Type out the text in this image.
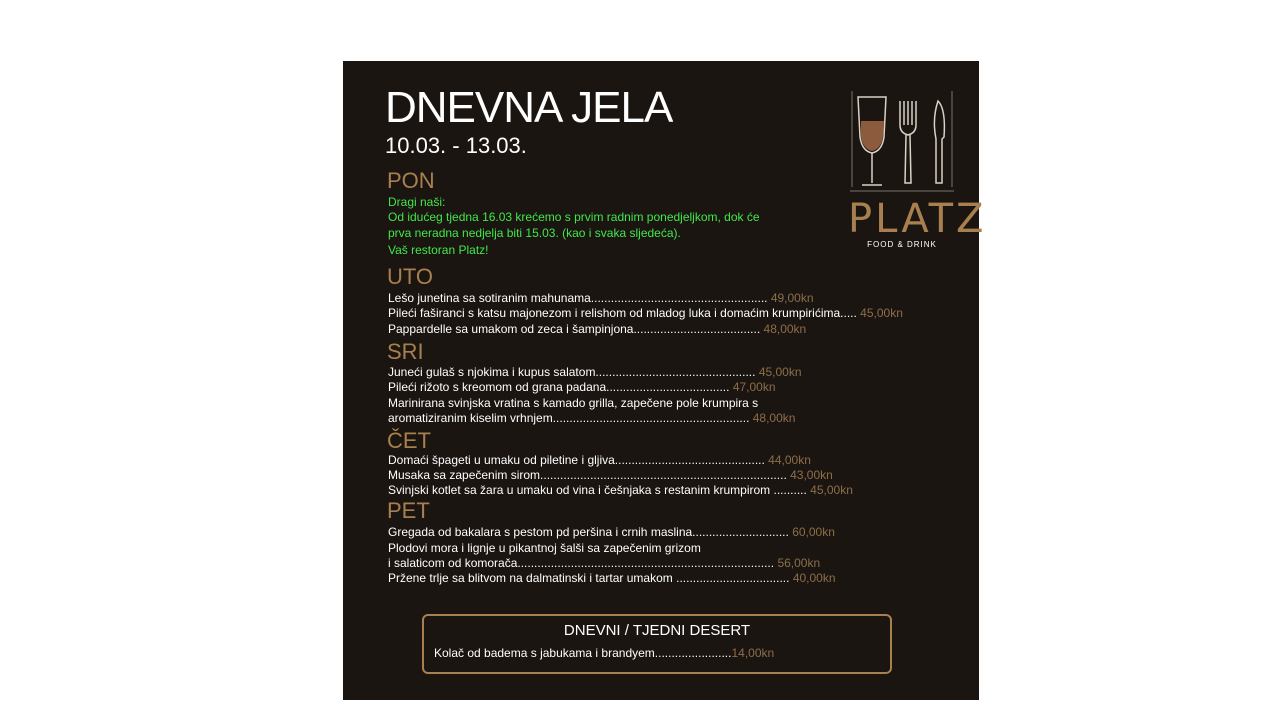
DNEVNA JELA
10.03. - 13.03.
PLATZ
FOOD & DRINK
PON
Dragi naši:
Od idućeg tjedna 16.03 krećemo s prvim radnim ponedjeljkom, dok će
prva neradna nedjelja biti 15.03. (kao i svaka sljedeća).
Vaš restoran Platz!
UTO
Lešo junetina sa sotiranim mahunama..................................................... 49,00kn
Pileći faširanci s katsu majonezom i relishom od mladog luka i domaćim krumpirićima..... 45,00kn
Pappardelle sa umakom od zeca i šampinjona...................................... 48,00kn
SRI
Juneći gulaš s njokima i kupus salatom................................................ 45,00kn
Pileći rižoto s kreomom od grana padana..................................... 47,00kn
Marinirana svinjska vratina s kamado grilla, zapečene pole krumpira s
aromatiziranim kiselim vrhnjem........................................................... 48,00kn
ČET
Domaći špageti u umaku od piletine i gljiva............................................. 44,00kn
Musaka sa zapečenim sirom.......................................................................... 43,00kn
Svinjski kotlet sa žara u umaku od vina i češnjaka s restanim krumpirom .......... 45,00kn
PET
Gregada od bakalara s pestom pd peršina i crnih maslina............................. 60,00kn
Plodovi mora i lignje u pikantnoj šalši sa zapečenim grizom
i salaticom od komorača............................................................................. 56,00kn
Pržene trlje sa blitvom na dalmatinski i tartar umakom .................................. 40,00kn
DNEVNI / TJEDNI DESERT
Kolač od badema s jabukama i brandyem.......................14,00kn
